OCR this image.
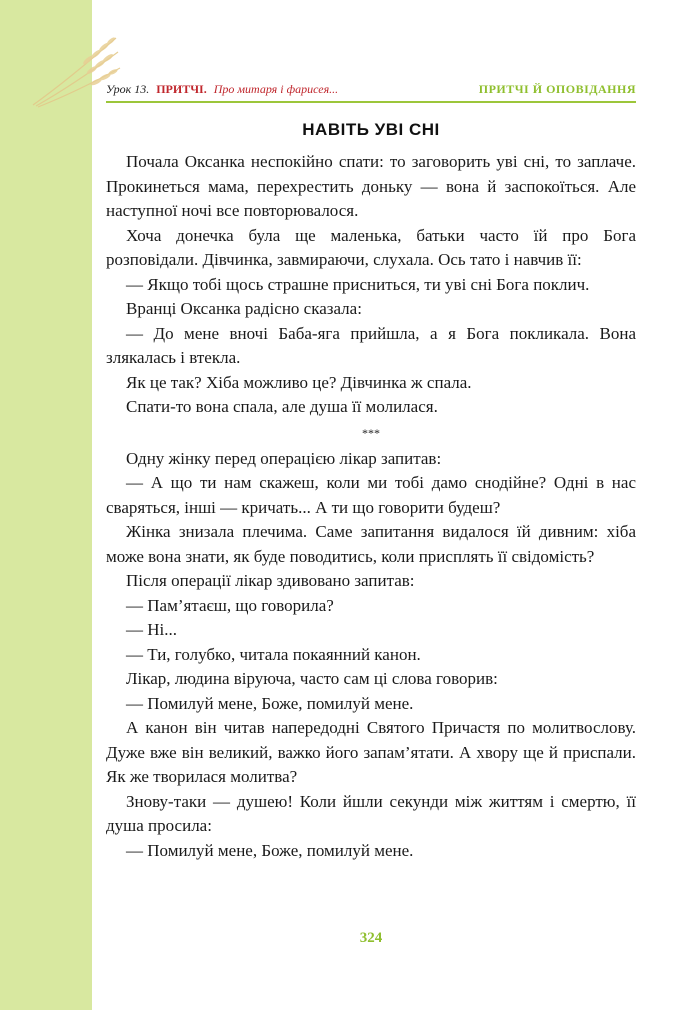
Урок 13. ПРИТЧІ. Про митаря і фарисея...	ПРИТЧІ Й ОПОВІДАННЯ
НАВІТЬ УВІ СНІ

Почала Оксанка неспокійно спати: то заговорить уві сні, то заплаче. Прокинеться мама, перехрестить доньку — вона й заспокоїться. Але наступної ночі все повторювалося.

Хоча донечка була ще маленька, батьки часто їй про Бога розповідали. Дівчинка, завмираючи, слухала. Ось тато і навчив її:

— Якщо тобі щось страшне присниться, ти уві сні Бога поклич.

Вранці Оксанка радісно сказала:

— До мене вночі Баба-яга прийшла, а я Бога покликала. Вона злякалась і втекла.

Як це так? Хіба можливо це? Дівчинка ж спала.

Спати-то вона спала, але душа її молилася.

***

Одну жінку перед операцією лікар запитав:

— А що ти нам скажеш, коли ми тобі дамо снодійне? Одні в нас сваряться, інші — кричать... А ти що говорити будеш?

Жінка знизала плечима. Саме запитання видалося їй дивним: хіба може вона знати, як буде поводитись, коли присплять її свідомість?

Після операції лікар здивовано запитав:

— Пам’ятаєш, що говорила?

— Ні...

— Ти, голубко, читала покаянний канон.

Лікар, людина віруюча, часто сам ці слова говорив:

— Помилуй мене, Боже, помилуй мене.

А канон він читав напередодні Святого Причастя по молитвослову. Дуже вже він великий, важко його запам’ятати. А хвору ще й приспали. Як же творилася молитва?

Знову-таки — душею! Коли йшли секунди між життям і смертю, її душа просила:

— Помилуй мене, Боже, помилуй мене.

324
